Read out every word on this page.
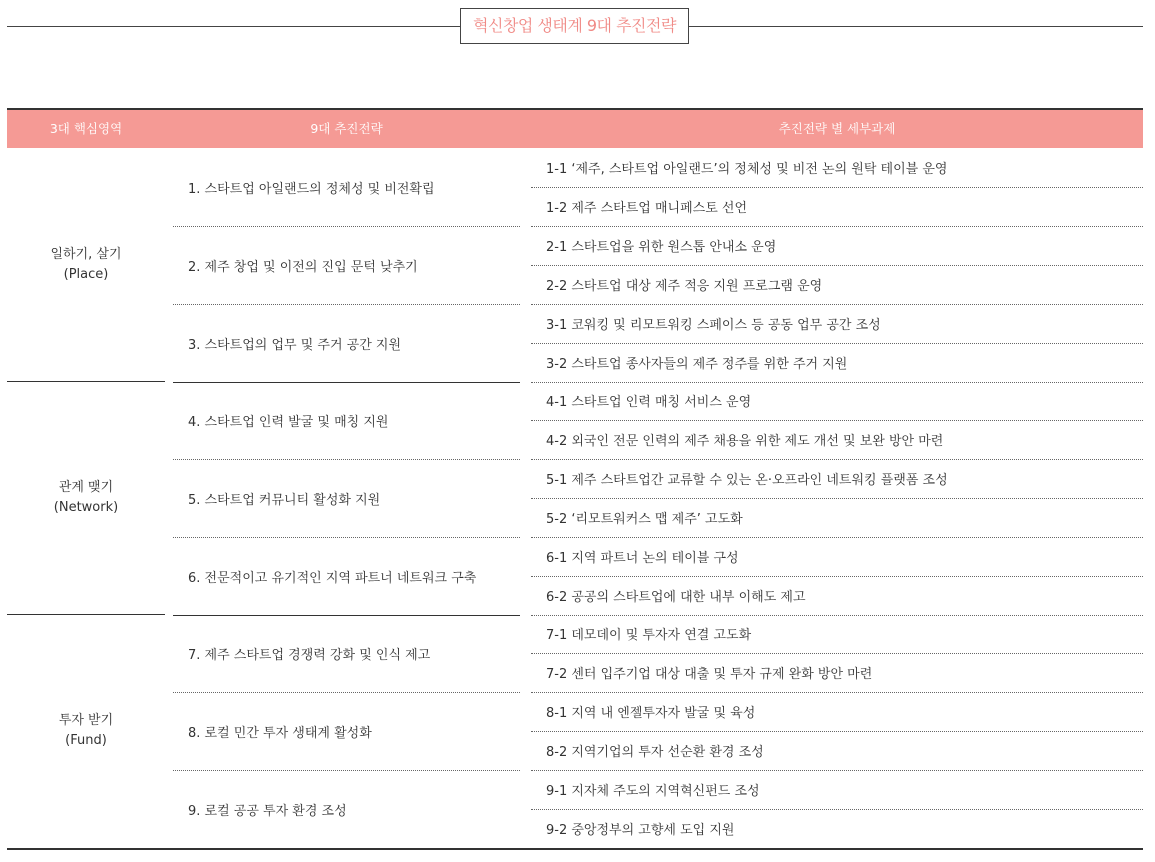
혁신창업 생태계 9대 추진전략
3대 핵심영역	9대 추진전략	추진전략 별 세부과제
일하기, 살기
(Place)
1. 스타트업 아일랜드의 정체성 및 비전확립
1-1 ‘제주, 스타트업 아일랜드’의 정체성 및 비전 논의 원탁 테이블 운영
1-2 제주 스타트업 매니페스토 선언
2. 제주 창업 및 이전의 진입 문턱 낮추기
2-1 스타트업을 위한 원스톱 안내소 운영
2-2 스타트업 대상 제주 적응 지원 프로그램 운영
3. 스타트업의 업무 및 주거 공간 지원
3-1 코워킹 및 리모트워킹 스페이스 등 공동 업무 공간 조성
3-2 스타트업 종사자들의 제주 정주를 위한 주거 지원
관계 맺기
(Network)
4. 스타트업 인력 발굴 및 매칭 지원
4-1 스타트업 인력 매칭 서비스 운영
4-2 외국인 전문 인력의 제주 채용을 위한 제도 개선 및 보완 방안 마련
5. 스타트업 커뮤니티 활성화 지원
5-1 제주 스타트업간 교류할 수 있는 온·오프라인 네트워킹 플랫폼 조성
5-2 ‘리모트워커스 맵 제주’ 고도화
6. 전문적이고 유기적인 지역 파트너 네트워크 구축
6-1 지역 파트너 논의 테이블 구성
6-2 공공의 스타트업에 대한 내부 이해도 제고
투자 받기
(Fund)
7. 제주 스타트업 경쟁력 강화 및 인식 제고
7-1 데모데이 및 투자자 연결 고도화
7-2 센터 입주기업 대상 대출 및 투자 규제 완화 방안 마련
8. 로컬 민간 투자 생태계 활성화
8-1 지역 내 엔젤투자자 발굴 및 육성
8-2 지역기업의 투자 선순환 환경 조성
9. 로컬 공공 투자 환경 조성
9-1 지자체 주도의 지역혁신펀드 조성
9-2 중앙정부의 고향세 도입 지원
